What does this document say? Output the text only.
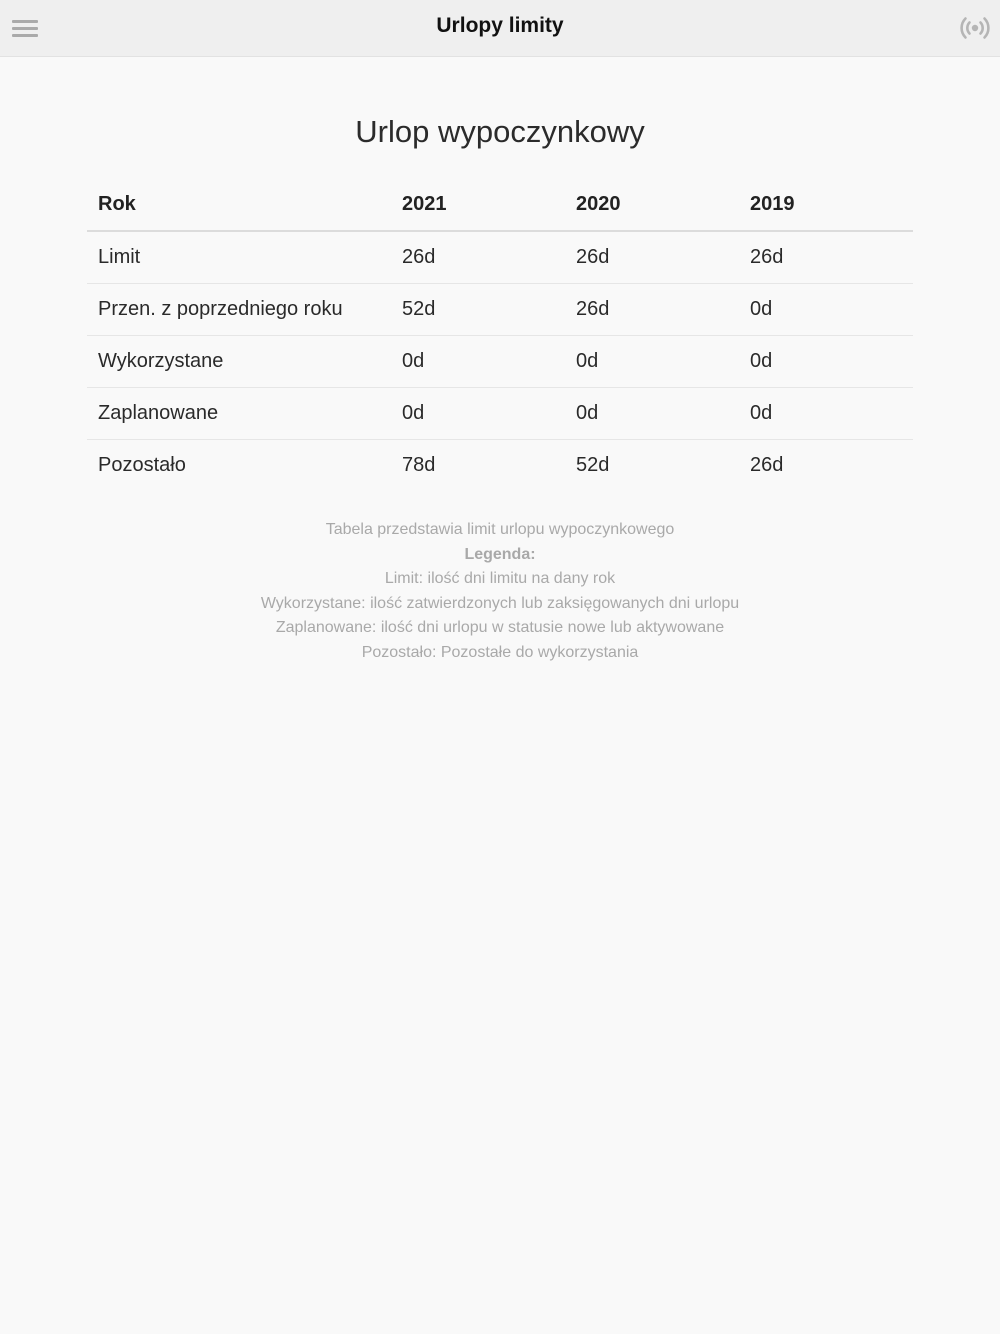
Urlopy limity
Urlop wypoczynkowy
Rok	2021	2020	2019
Limit	26d	26d	26d
Przen. z poprzedniego roku	52d	26d	0d
Wykorzystane	0d	0d	0d
Zaplanowane	0d	0d	0d
Pozostało	78d	52d	26d
Tabela przedstawia limit urlopu wypoczynkowego
Legenda:
Limit: ilość dni limitu na dany rok
Wykorzystane: ilość zatwierdzonych lub zaksięgowanych dni urlopu
Zaplanowane: ilość dni urlopu w statusie nowe lub aktywowane
Pozostało: Pozostałe do wykorzystania
